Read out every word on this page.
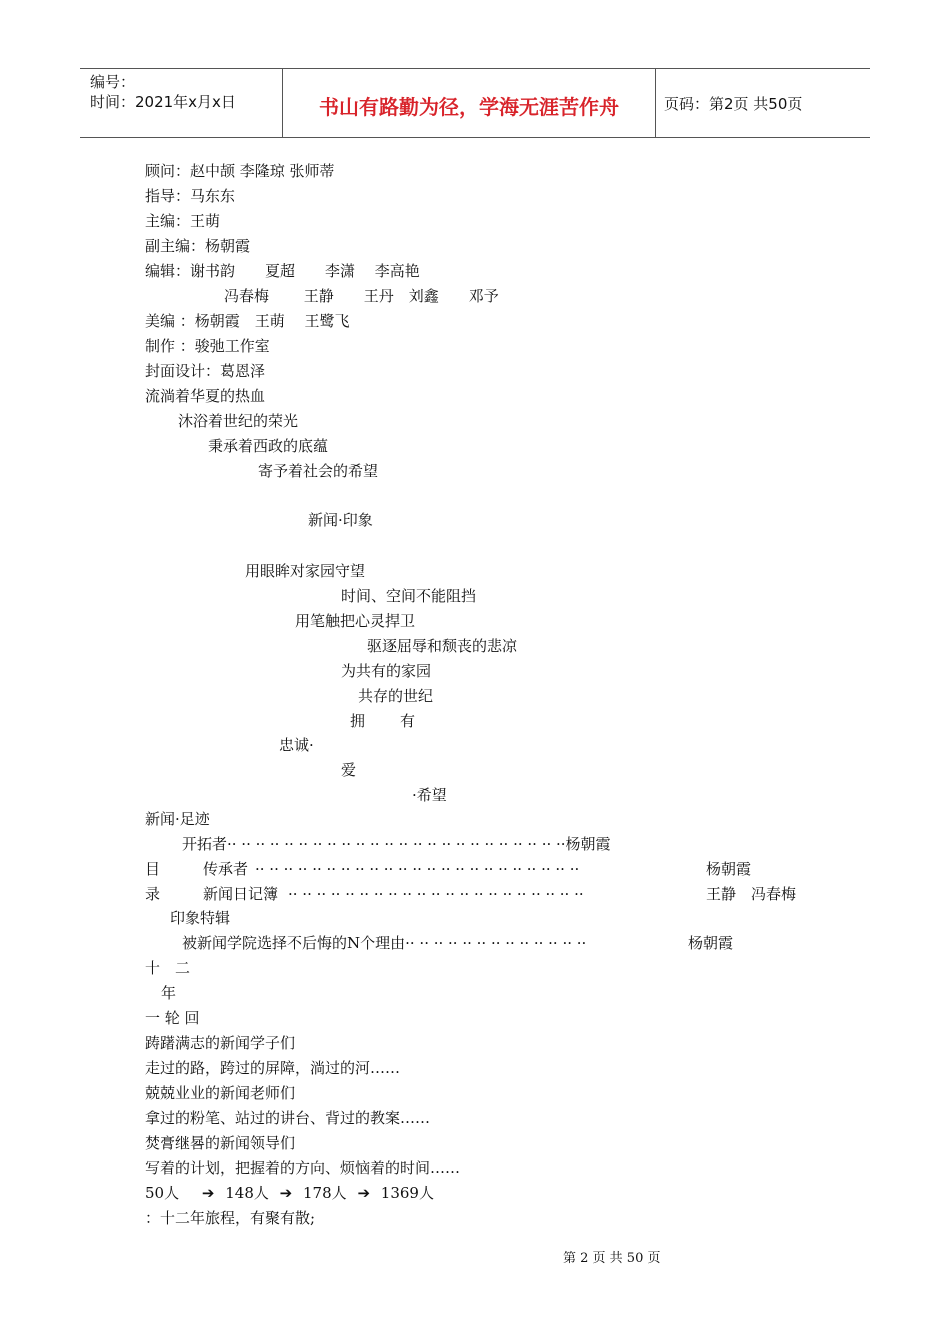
编号：
时间：2021年x月x日	书山有路勤为径，学海无涯苦作舟	页码：第2页 共50页
顾问：赵中颉 李隆琼 张师蒂
指导：马东东
主编：王萌
副主编：杨朝霞
编辑：谢书韵　　夏超　　李潇　 李高艳
冯春梅　　 王静　　王丹　刘鑫　　邓予
美编 ：杨朝霞　王萌　 王鹭飞
制作 ：骏弛工作室
封面设计：葛恩泽
流淌着华夏的热血
沐浴着世纪的荣光
秉承着西政的底蕴
寄予着社会的希望
新闻·印象
用眼眸对家园守望
时间、空间不能阻挡
用笔触把心灵捍卫
驱逐屈辱和颓丧的悲凉
为共有的家园
共存的世纪
拥 有
忠诚·
爱
·希望
新闻·足迹
开拓者·· ·· ·· ·· ·· ·· ·· ·· ·· ·· ·· ·· ·· ·· ·· ·· ·· ·· ·· ·· ·· ·· ·· ··杨朝霞
目	传承者 ·· ·· ·· ·· ·· ·· ·· ·· ·· ·· ·· ·· ·· ·· ·· ·· ·· ·· ·· ·· ·· ·· ··	杨朝霞
录	新闻日记簿 ·· ·· ·· ·· ·· ·· ·· ·· ·· ·· ·· ·· ·· ·· ·· ·· ·· ·· ·· ·· ··	王静　冯春梅
印象特辑
被新闻学院选择不后悔的N个理由·· ·· ·· ·· ·· ·· ·· ·· ·· ·· ·· ·· ··	杨朝霞
十　二
年
一 轮 回
踌躇满志的新闻学子们
走过的路，跨过的屏障，淌过的河……
兢兢业业的新闻老师们
拿过的粉笔、站过的讲台、背过的教案……
焚膏继晷的新闻领导们
写着的计划，把握着的方向、烦恼着的时间……
50人 ➔ 148人 ➔ 178人 ➔ 1369人
：十二年旅程，有聚有散;
第 2 页 共 50 页
